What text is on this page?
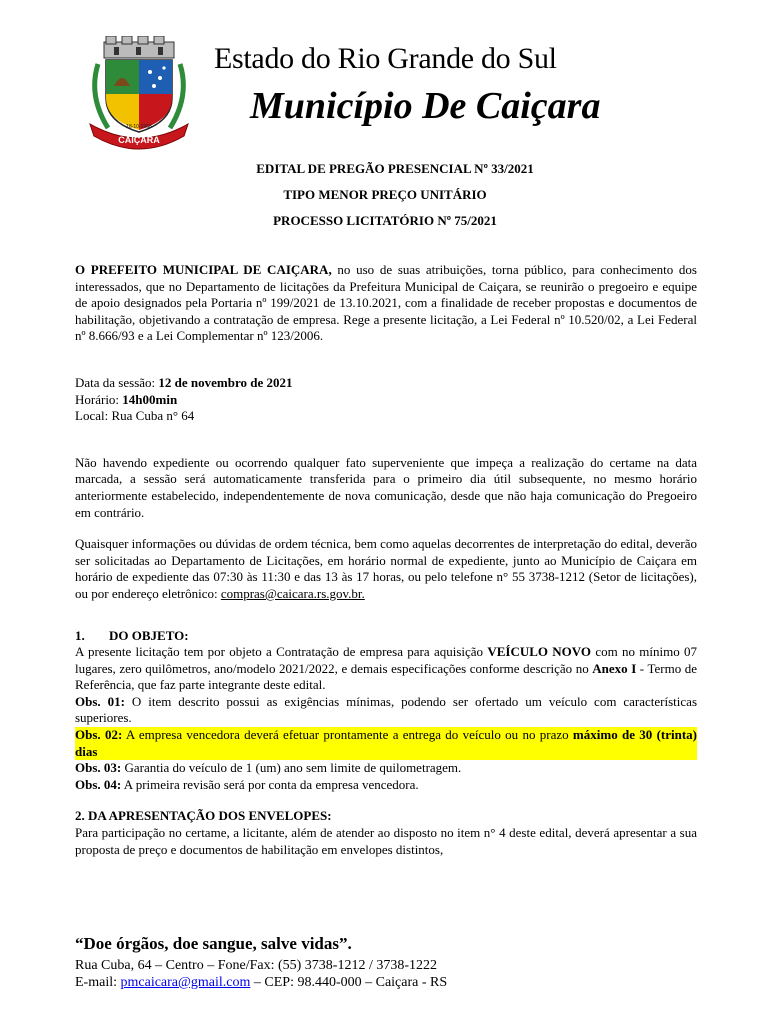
CAIÇARA
18-10-1968
Estado do Rio Grande do Sul
Município De Caiçara
EDITAL DE PREGÃO PRESENCIAL Nº 33/2021
TIPO MENOR PREÇO UNITÁRIO
PROCESSO LICITATÓRIO Nº 75/2021

O PREFEITO MUNICIPAL DE CAIÇARA, no uso de suas atribuições, torna público, para conhecimento dos interessados, que no Departamento de licitações da Prefeitura Municipal de Caiçara, se reunirão o pregoeiro e equipe de apoio designados pela Portaria nº 199/2021 de 13.10.2021, com a finalidade de receber propostas e documentos de habilitação, objetivando a contratação de empresa. Rege a presente licitação, a Lei Federal nº 10.520/02, a Lei Federal nº 8.666/93 e a Lei Complementar nº 123/2006.

Data da sessão: 12 de novembro de 2021
Horário: 14h00min
Local: Rua Cuba n° 64

Não havendo expediente ou ocorrendo qualquer fato superveniente que impeça a realização do certame na data marcada, a sessão será automaticamente transferida para o primeiro dia útil subsequente, no mesmo horário anteriormente estabelecido, independentemente de nova comunicação, desde que não haja comunicação do Pregoeiro em contrário.

Quaisquer informações ou dúvidas de ordem técnica, bem como aquelas decorrentes de interpretação do edital, deverão ser solicitadas ao Departamento de Licitações, em horário normal de expediente, junto ao Município de Caiçara em horário de expediente das 07:30 às 11:30 e das 13 às 17 horas, ou pelo telefone n° 55 3738-1212 (Setor de licitações), ou por endereço eletrônico: compras@caicara.rs.gov.br.

1. DO OBJETO:

A presente licitação tem por objeto a Contratação de empresa para aquisição VEÍCULO NOVO com no mínimo 07 lugares, zero quilômetros, ano/modelo 2021/2022, e demais especificações conforme descrição no Anexo I - Termo de Referência, que faz parte integrante deste edital.

Obs. 01: O item descrito possui as exigências mínimas, podendo ser ofertado um veículo com características superiores.

Obs. 02: A empresa vencedora deverá efetuar prontamente a entrega do veículo ou no prazo máximo de 30 (trinta) dias

Obs. 03: Garantia do veículo de 1 (um) ano sem limite de quilometragem.

Obs. 04: A primeira revisão será por conta da empresa vencedora.

2. DA APRESENTAÇÃO DOS ENVELOPES:

Para participação no certame, a licitante, além de atender ao disposto no item n° 4 deste edital, deverá apresentar a sua proposta de preço e documentos de habilitação em envelopes distintos,

“Doe órgãos, doe sangue, salve vidas”.
Rua Cuba, 64 – Centro – Fone/Fax: (55) 3738-1212 / 3738-1222
E-mail: pmcaicara@gmail.com – CEP: 98.440-000 – Caiçara - RS
